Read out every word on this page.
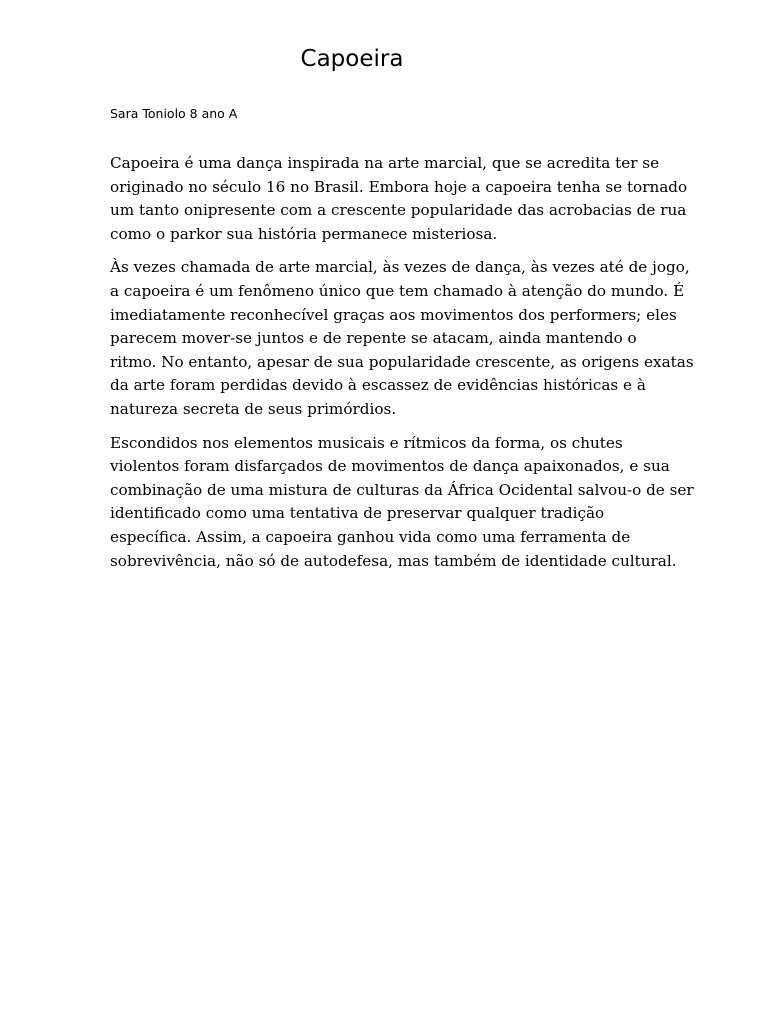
Capoeira
Sara Toniolo 8 ano A

Capoeira é uma dança inspirada na arte marcial, que se acredita ter se
originado no século 16 no Brasil. Embora hoje a capoeira tenha se tornado
um tanto onipresente com a crescente popularidade das acrobacias de rua
como o parkor sua história permanece misteriosa.

Às vezes chamada de arte marcial, às vezes de dança, às vezes até de jogo,
a capoeira é um fenômeno único que tem chamado à atenção do mundo. É
imediatamente reconhecível graças aos movimentos dos performers; eles
parecem mover-se juntos e de repente se atacam, ainda mantendo o
ritmo. No entanto, apesar de sua popularidade crescente, as origens exatas
da arte foram perdidas devido à escassez de evidências históricas e à
natureza secreta de seus primórdios.

Escondidos nos elementos musicais e rítmicos da forma, os chutes
violentos foram disfarçados de movimentos de dança apaixonados, e sua
combinação de uma mistura de culturas da África Ocidental salvou-o de ser
identificado como uma tentativa de preservar qualquer tradição
específica. Assim, a capoeira ganhou vida como uma ferramenta de
sobrevivência, não só de autodefesa, mas também de identidade cultural.
